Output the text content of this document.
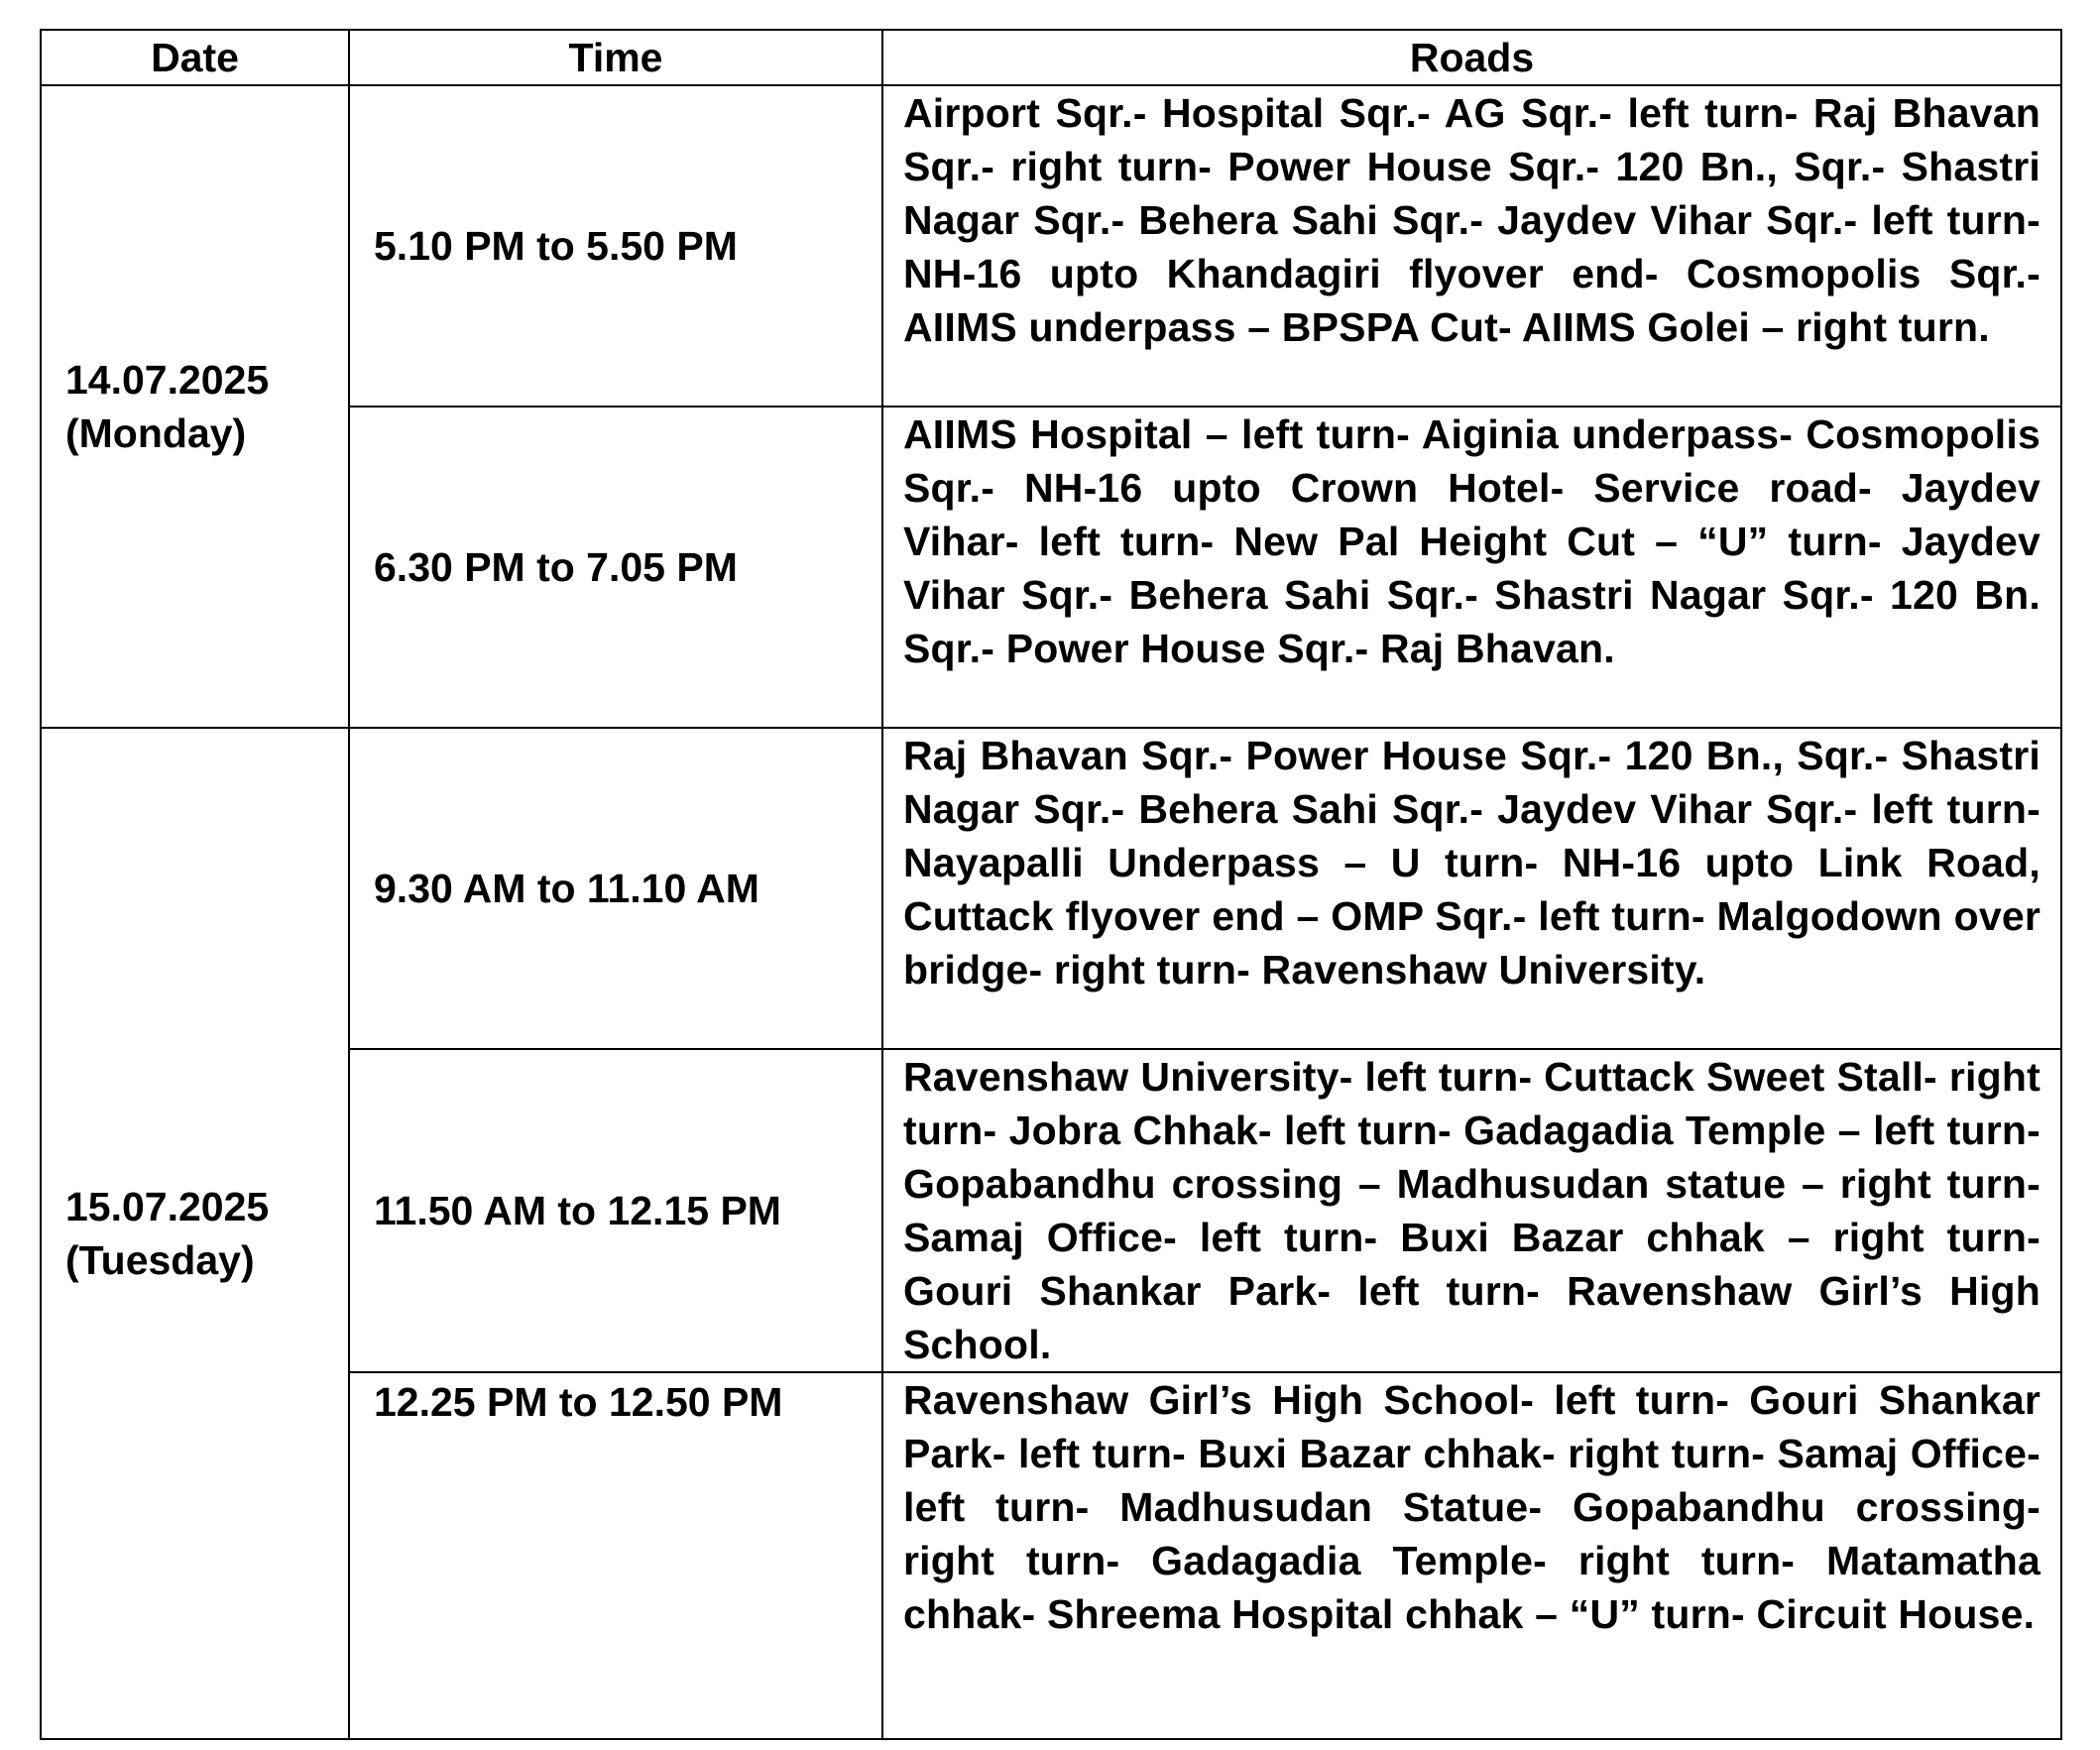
Date	Time	Roads

14.07.2025
(Monday)	5.10 PM to 5.50 PM	Airport Sqr.- Hospital Sqr.- AG Sqr.- left turn- Raj Bhavan Sqr.- right turn- Power House Sqr.- 120 Bn., Sqr.- Shastri Nagar Sqr.- Behera Sahi Sqr.- Jaydev Vihar Sqr.- left turn- NH-16 upto Khandagiri flyover end- Cosmopolis Sqr.- AIIMS underpass – BPSPA Cut- AIIMS Golei – right turn.

	6.30 PM to 7.05 PM	AIIMS Hospital – left turn- Aiginia underpass- Cosmopolis Sqr.- NH-16 upto Crown Hotel- Service road- Jaydev Vihar- left turn- New Pal Height Cut – “U” turn- Jaydev Vihar Sqr.- Behera Sahi Sqr.- Shastri Nagar Sqr.- 120 Bn. Sqr.- Power House Sqr.- Raj Bhavan.

15.07.2025
(Tuesday)	9.30 AM to 11.10 AM	Raj Bhavan Sqr.- Power House Sqr.- 120 Bn., Sqr.- Shastri Nagar Sqr.- Behera Sahi Sqr.- Jaydev Vihar Sqr.- left turn- Nayapalli Underpass – U turn- NH-16 upto Link Road, Cuttack flyover end – OMP Sqr.- left turn- Malgodown over bridge- right turn- Ravenshaw University.

	11.50 AM to 12.15 PM	Ravenshaw University- left turn- Cuttack Sweet Stall- right turn- Jobra Chhak- left turn- Gadagadia Temple – left turn- Gopabandhu crossing – Madhusudan statue – right turn- Samaj Office- left turn- Buxi Bazar chhak – right turn- Gouri Shankar Park- left turn- Ravenshaw Girl’s High School.

	12.25 PM to 12.50 PM	Ravenshaw Girl’s High School- left turn- Gouri Shankar Park- left turn- Buxi Bazar chhak- right turn- Samaj Office- left turn- Madhusudan Statue- Gopabandhu crossing- right turn- Gadagadia Temple- right turn- Matamatha chhak- Shreema Hospital chhak – “U” turn- Circuit House.
